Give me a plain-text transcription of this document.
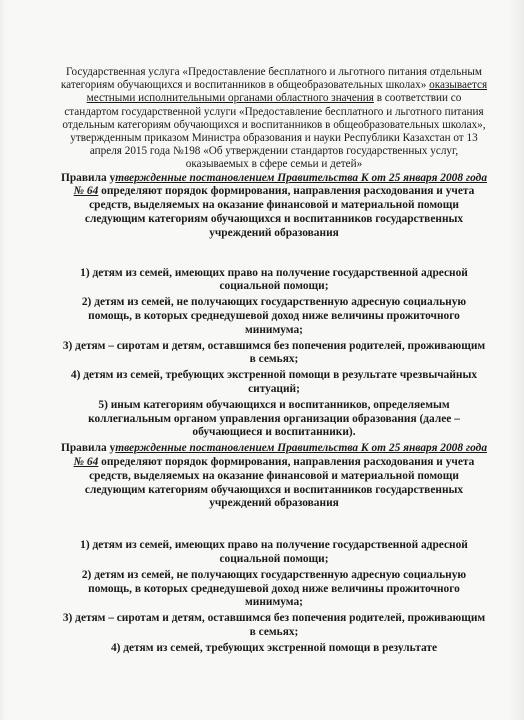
Государственная услуга «Предоставление бесплатного и льготного питания отдельным категориям обучающихся и воспитанников в общеобразовательных школах» оказывается местными исполнительными органами областного значения в соответствии со стандартом государственной услуги «Предоставление бесплатного и льготного питания отдельным категориям обучающихся и воспитанников в общеобразовательных школах», утвержденным приказом Министра образования и науки Республики Казахстан от 13 апреля 2015 года №198 «Об утверждении стандартов государственных услуг, оказываемых в сфере семьи и детей»

Правила утвержденные постановлением Правительства К от 25 января 2008 года № 64 определяют порядок формирования, направления расходования и учета средств, выделяемых на оказание финансовой и материальной помощи следующим категориям обучающихся и воспитанников государственных учреждений образования

1) детям из семей, имеющих право на получение государственной адресной социальной помощи;

2) детям из семей, не получающих государственную адресную социальную помощь, в которых среднедушевой доход ниже величины прожиточного минимума;

3) детям – сиротам и детям, оставшимся без попечения родителей, проживающим в семьях;

4) детям из семей, требующих экстренной помощи в результате чрезвычайных ситуаций;

5) иным категориям обучающихся и воспитанников, определяемым коллегиальным органом управления организации образования (далее – обучающиеся и воспитанники).

Правила утвержденные постановлением Правительства К от 25 января 2008 года № 64 определяют порядок формирования, направления расходования и учета средств, выделяемых на оказание финансовой и материальной помощи следующим категориям обучающихся и воспитанников государственных учреждений образования

1) детям из семей, имеющих право на получение государственной адресной социальной помощи;

2) детям из семей, не получающих государственную адресную социальную помощь, в которых среднедушевой доход ниже величины прожиточного минимума;

3) детям – сиротам и детям, оставшимся без попечения родителей, проживающим в семьях;

4) детям из семей, требующих экстренной помощи в результате
